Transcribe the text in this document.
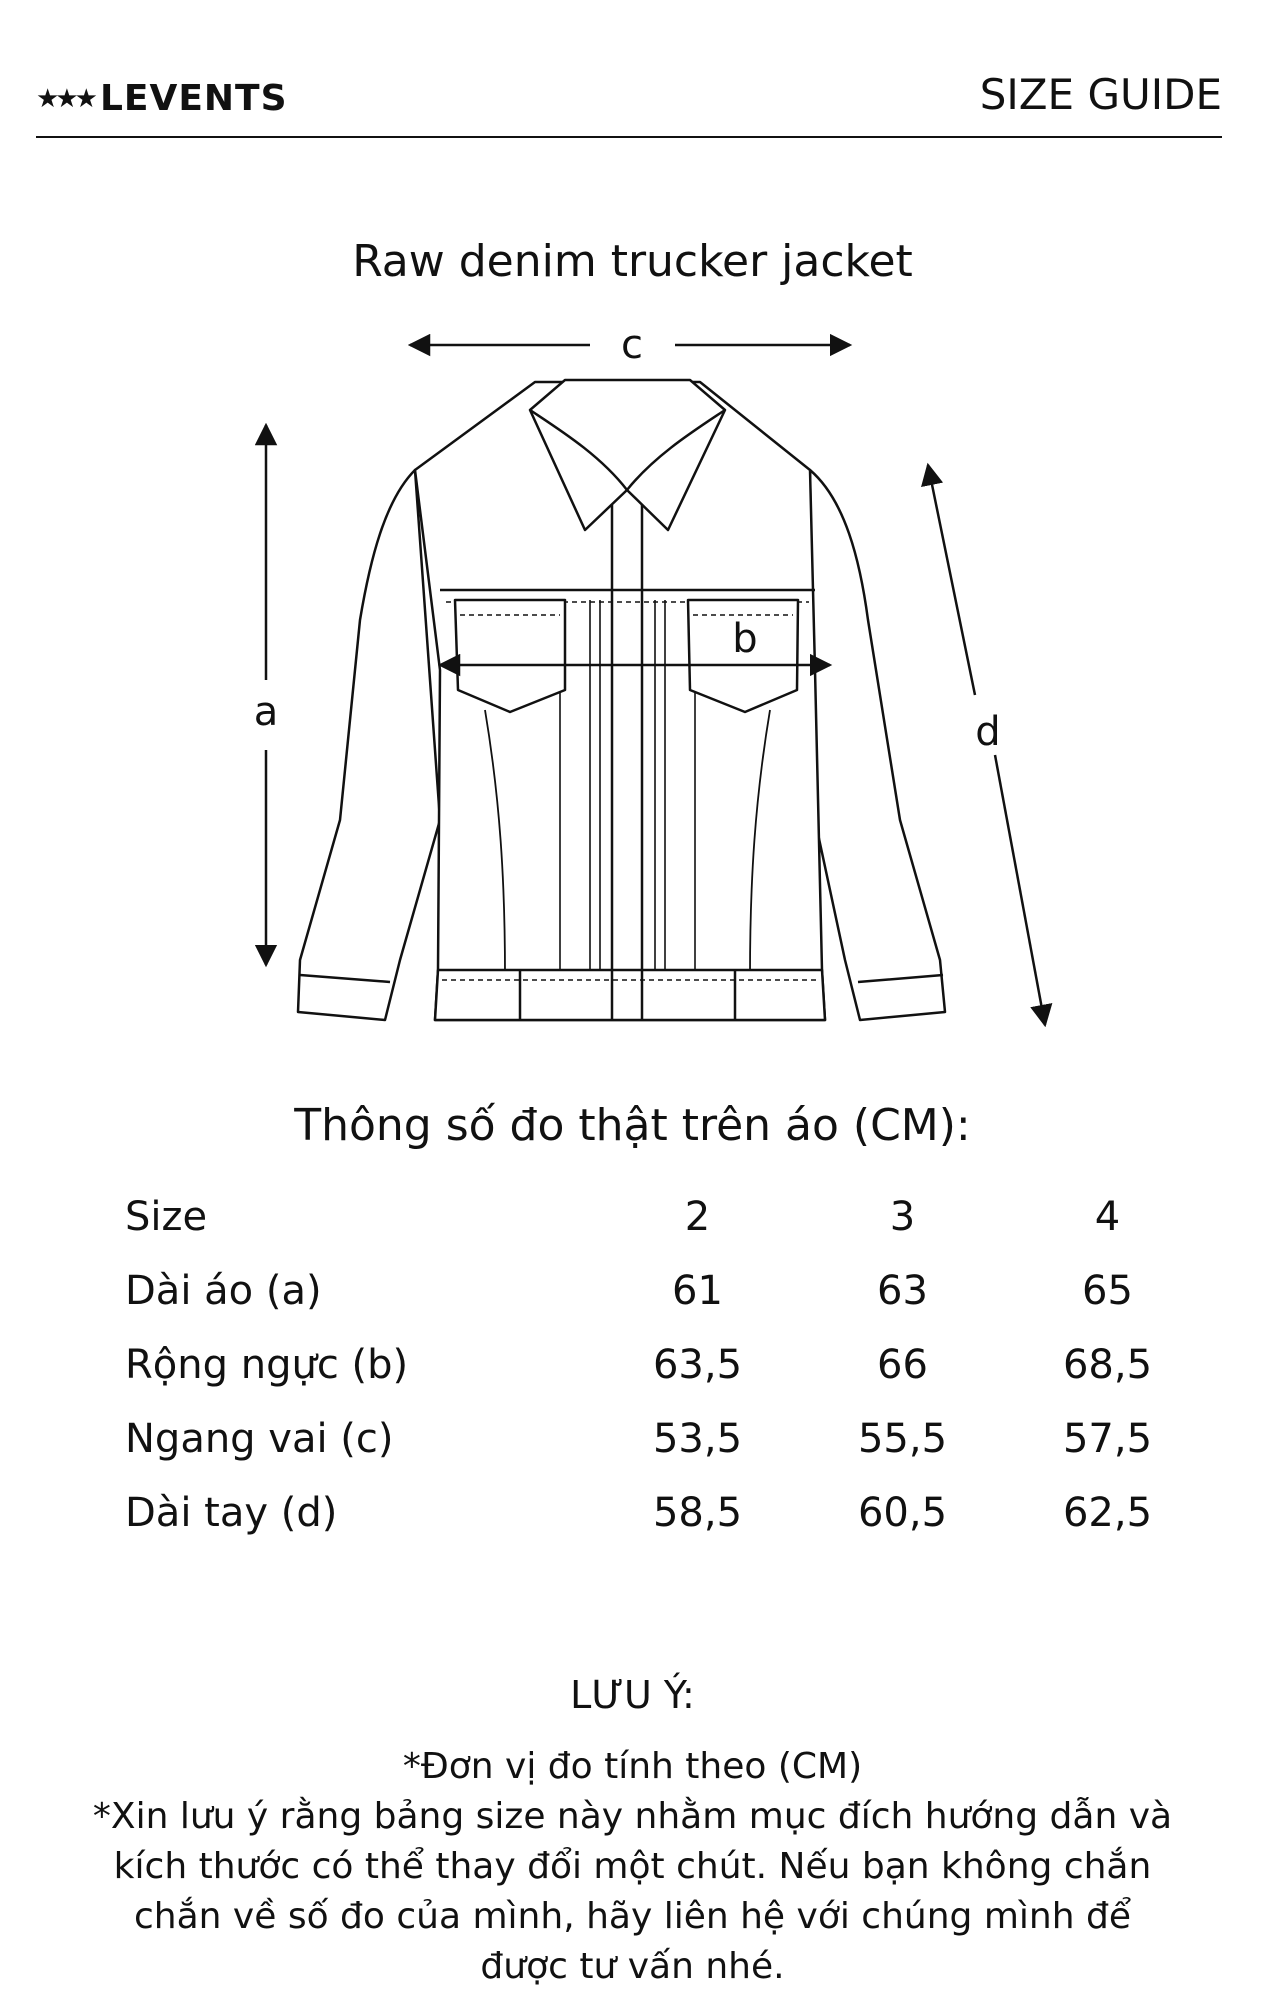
★★★ LEVENTS	SIZE GUIDE
Raw denim trucker jacket
c
a
b
d
Thông số đo thật trên áo (CM):
Size	2	3	4
Dài áo (a)	61	63	65
Rộng ngực (b)	63,5	66	68,5
Ngang vai (c)	53,5	55,5	57,5
Dài tay (d)	58,5	60,5	62,5
LƯU Ý:
*Đơn vị đo tính theo (CM)
*Xin lưu ý rằng bảng size này nhằm mục đích hướng dẫn và kích thước có thể thay đổi một chút. Nếu bạn không chắn chắn về số đo của mình, hãy liên hệ với chúng mình để được tư vấn nhé.
